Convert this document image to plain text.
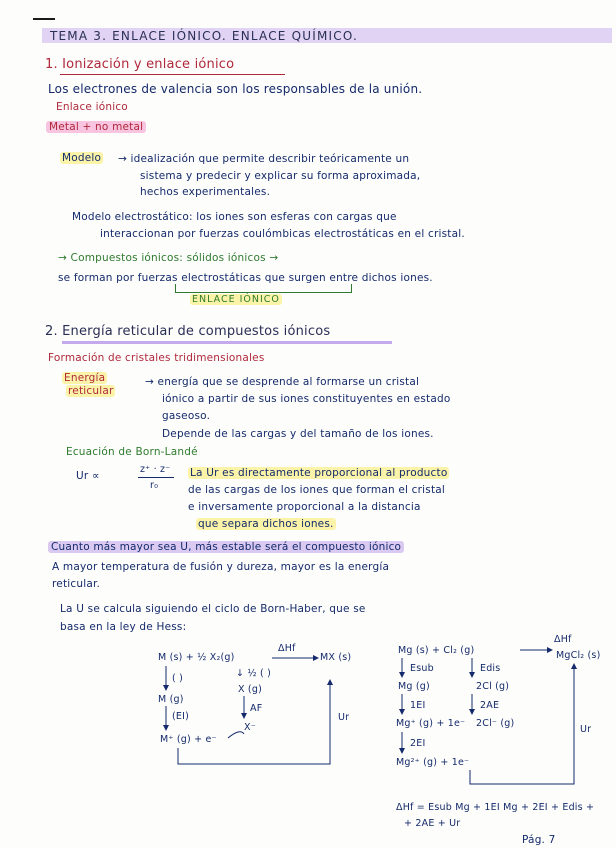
TEMA 3. ENLACE IÓNICO. ENLACE QUÍMICO.
1. Ionización y enlace iónico
Los electrones de valencia son los responsables de la unión.
Enlace iónico
Metal + no metal
Modelo → idealización que permite describir teóricamente un
sistema y predecir y explicar su forma aproximada,
hechos experimentales.
Modelo electrostático: los iones son esferas con cargas que
interaccionan por fuerzas coulómbicas electrostáticas en el cristal.
→ Compuestos iónicos: sólidos iónicos →
se forman por fuerzas electrostáticas que surgen entre dichos iones.
ENLACE IÓNICO
2. Energía reticular de compuestos iónicos
Formación de cristales tridimensionales
Energía
reticular
→ energía que se desprende al formarse un cristal
iónico a partir de sus iones constituyentes en estado
gaseoso.
Depende de las cargas y del tamaño de los iones.
Ecuación de Born-Landé
Ur ∝
z⁺ · z⁻
r₀
La Ur es directamente proporcional al producto
de las cargas de los iones que forman el cristal
e inversamente proporcional a la distancia
que separa dichos iones.
Cuanto más mayor sea U, más estable será el compuesto iónico
A mayor temperatura de fusión y dureza, mayor es la energía
reticular.
La U se calcula siguiendo el ciclo de Born-Haber, que se
basa en la ley de Hess:
M (s) + ½ X₂(g)
ΔHf
MX (s)
( )	↓ ½ ( )
X (g)
M (g)
AF
(EI)
X⁻
M⁺ (g) + e⁻
Ur
Mg (s) + Cl₂ (g)
ΔHf
MgCl₂ (s)
Esub	Edis
Mg (g)	2Cl (g)
1EI	2AE
Mg⁺ (g) + 1e⁻ 2Cl⁻ (g)
2EI
Mg²⁺ (g) + 1e⁻
Ur
ΔHf = Esub Mg + 1EI Mg + 2EI + Edis +
+ 2AE + Ur
Pág. 7
